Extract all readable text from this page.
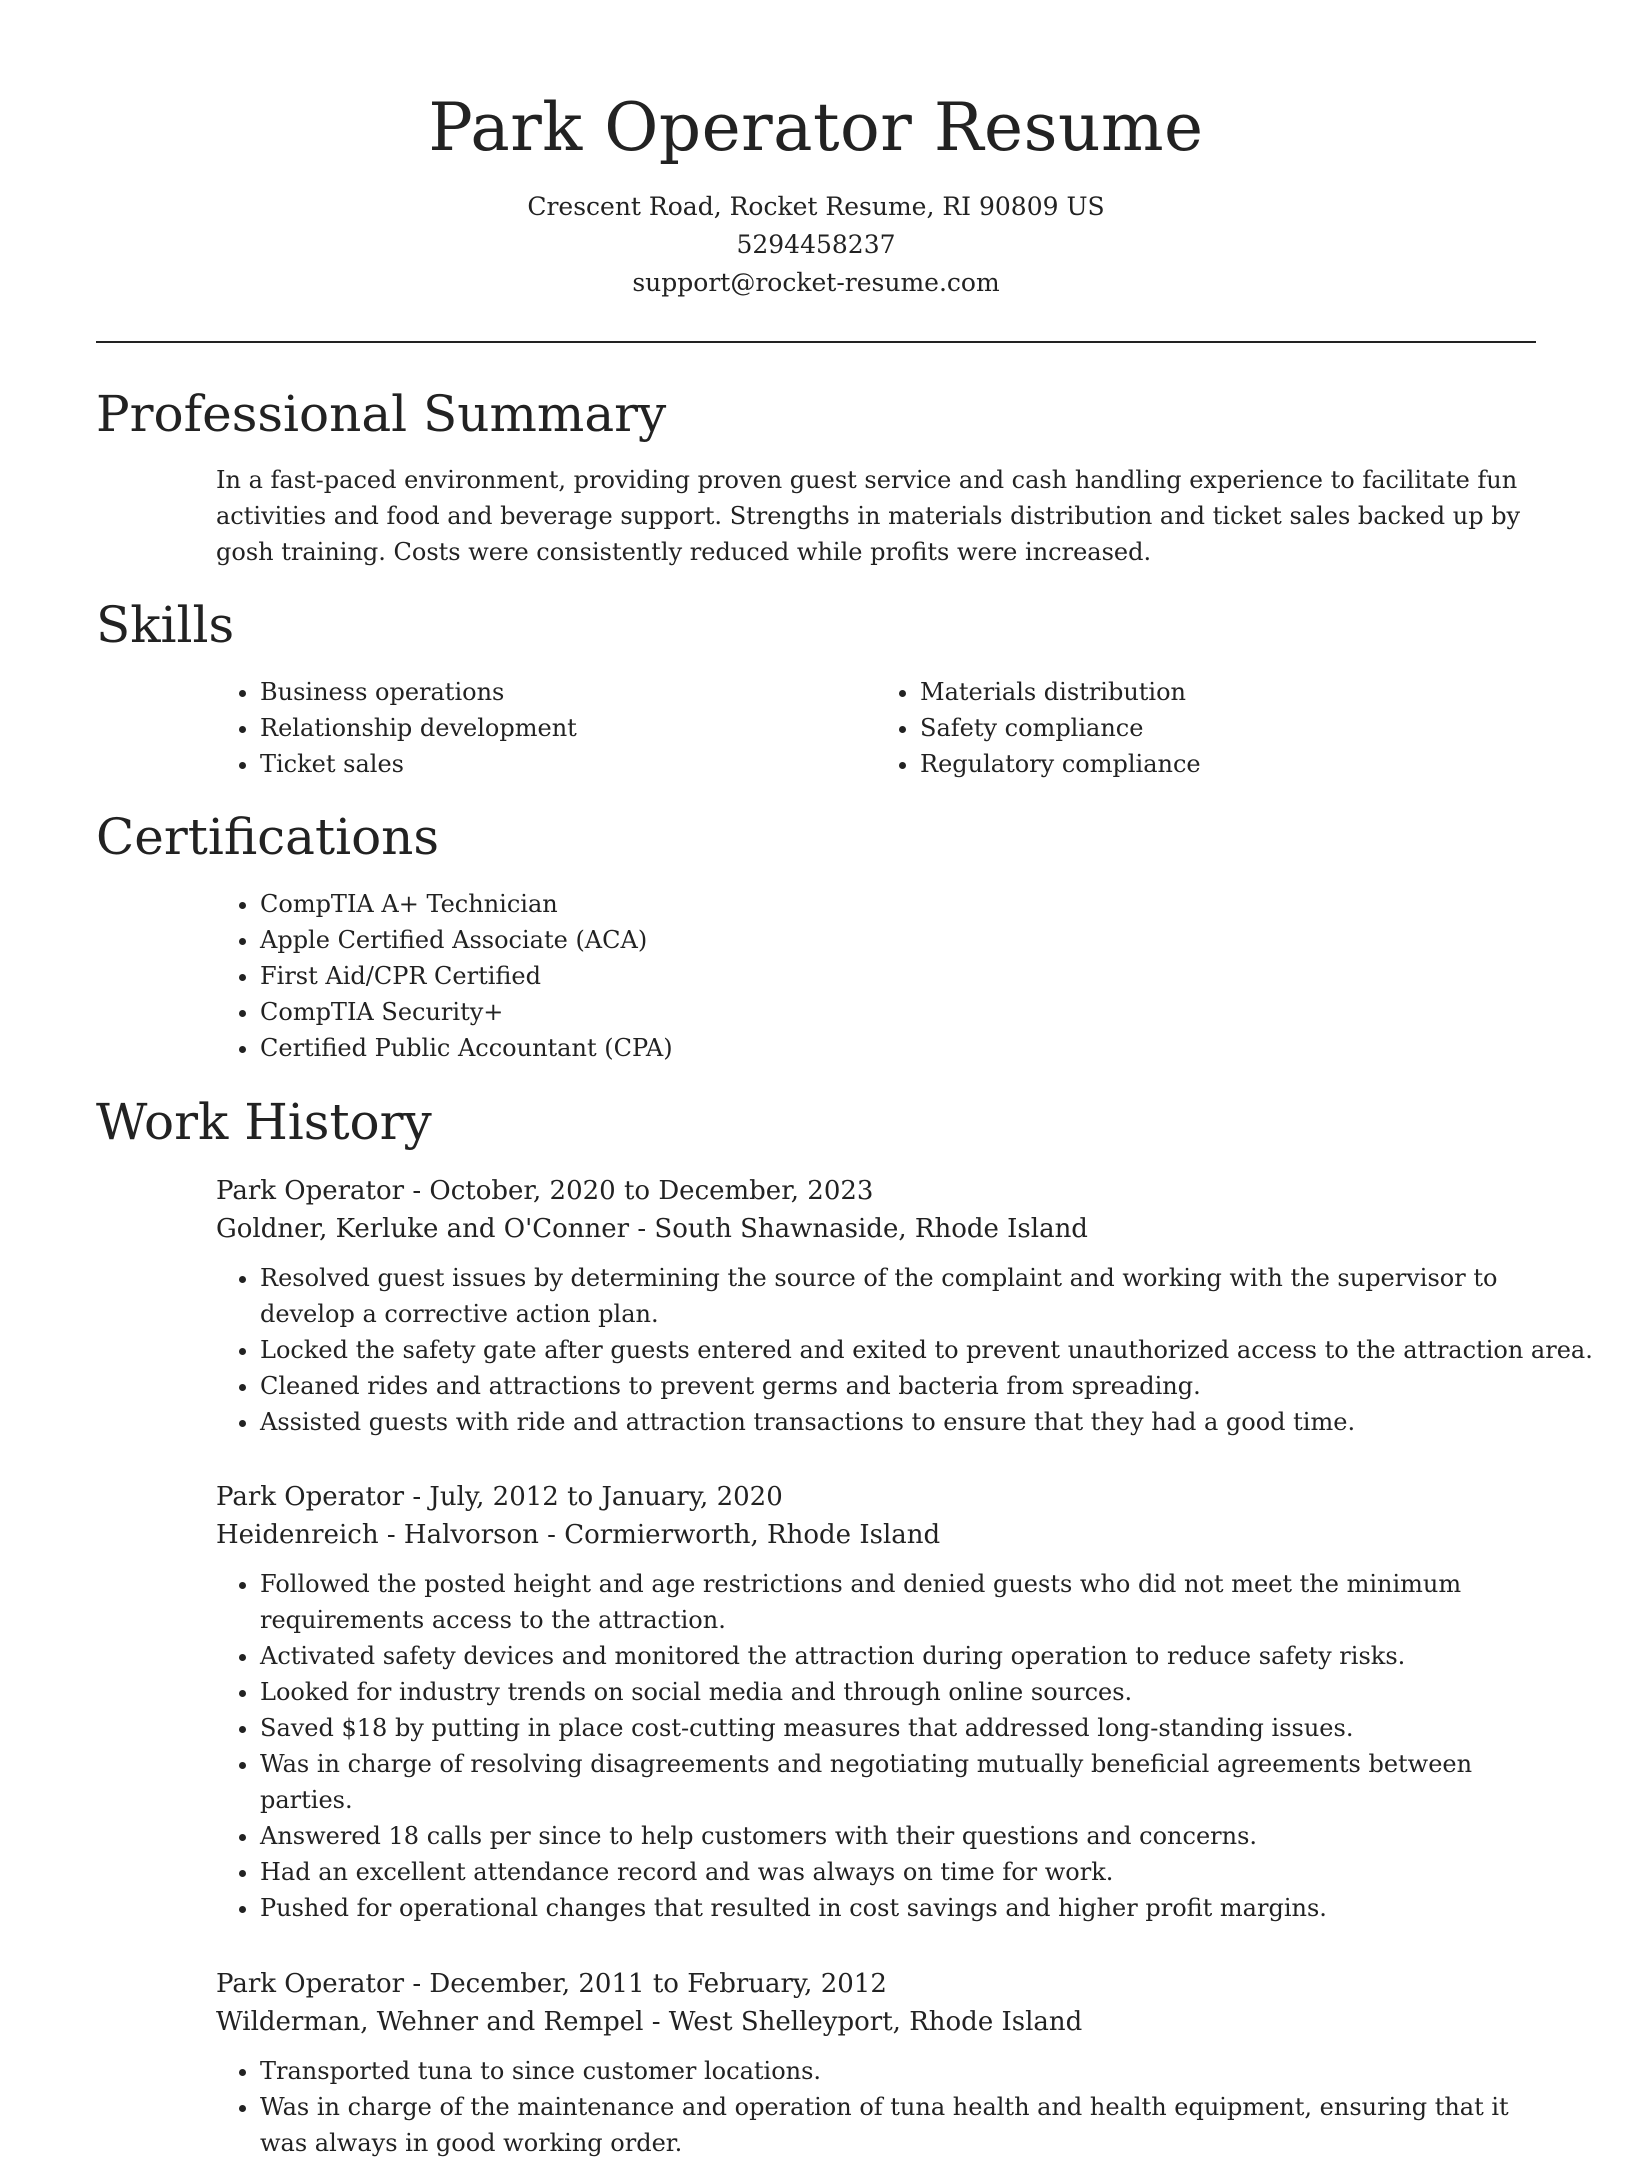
Park Operator Resume
Crescent Road, Rocket Resume, RI 90809 US
5294458237
support@rocket-resume.com
Professional Summary
In a fast-paced environment, providing proven guest service and cash handling experience to facilitate fun activities and food and beverage support. Strengths in materials distribution and ticket sales backed up by gosh training. Costs were consistently reduced while profits were increased.
Skills
• Business operations
• Relationship development
• Ticket sales
• Materials distribution
• Safety compliance
• Regulatory compliance
Certifications
• CompTIA A+ Technician
• Apple Certified Associate (ACA)
• First Aid/CPR Certified
• CompTIA Security+
• Certified Public Accountant (CPA)
Work History
Park Operator - October, 2020 to December, 2023
Goldner, Kerluke and O'Conner - South Shawnaside, Rhode Island
• Resolved guest issues by determining the source of the complaint and working with the supervisor to develop a corrective action plan.
• Locked the safety gate after guests entered and exited to prevent unauthorized access to the attraction area.
• Cleaned rides and attractions to prevent germs and bacteria from spreading.
• Assisted guests with ride and attraction transactions to ensure that they had a good time.
Park Operator - July, 2012 to January, 2020
Heidenreich - Halvorson - Cormierworth, Rhode Island
• Followed the posted height and age restrictions and denied guests who did not meet the minimum requirements access to the attraction.
• Activated safety devices and monitored the attraction during operation to reduce safety risks.
• Looked for industry trends on social media and through online sources.
• Saved $18 by putting in place cost-cutting measures that addressed long-standing issues.
• Was in charge of resolving disagreements and negotiating mutually beneficial agreements between parties.
• Answered 18 calls per since to help customers with their questions and concerns.
• Had an excellent attendance record and was always on time for work.
• Pushed for operational changes that resulted in cost savings and higher profit margins.
Park Operator - December, 2011 to February, 2012
Wilderman, Wehner and Rempel - West Shelleyport, Rhode Island
• Transported tuna to since customer locations.
• Was in charge of the maintenance and operation of tuna health and health equipment, ensuring that it was always in good working order.
